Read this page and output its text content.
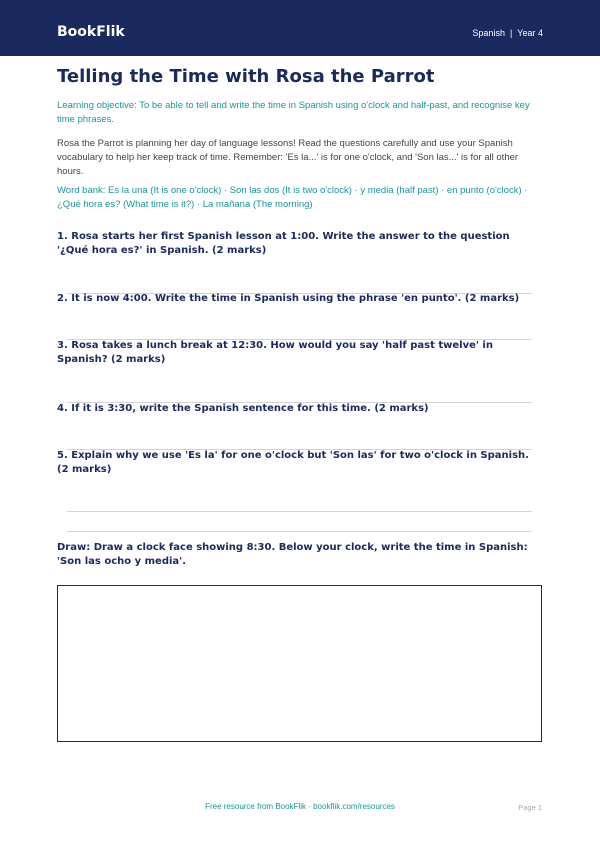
BookFlik	Spanish | Year 4
Telling the Time with Rosa the Parrot
Learning objective: To be able to tell and write the time in Spanish using o'clock and half-past, and recognise key time phrases.
Rosa the Parrot is planning her day of language lessons! Read the questions carefully and use your Spanish vocabulary to help her keep track of time. Remember: 'Es la...' is for one o'clock, and 'Son las...' is for all other hours.
Word bank: Es la una (It is one o'clock) · Son las dos (It is two o'clock) · y media (half past) · en punto (o'clock) · ¿Qué hora es? (What time is it?) · La mañana (The morning)
1. Rosa starts her first Spanish lesson at 1:00. Write the answer to the question '¿Qué hora es?' in Spanish. (2 marks)
2. It is now 4:00. Write the time in Spanish using the phrase 'en punto'. (2 marks)
3. Rosa takes a lunch break at 12:30. How would you say 'half past twelve' in Spanish? (2 marks)
4. If it is 3:30, write the Spanish sentence for this time. (2 marks)
5. Explain why we use 'Es la' for one o'clock but 'Son las' for two o'clock in Spanish. (2 marks)
Draw: Draw a clock face showing 8:30. Below your clock, write the time in Spanish: 'Son las ocho y media'.
Free resource from BookFlik · bookflik.com/resources	Page 1
